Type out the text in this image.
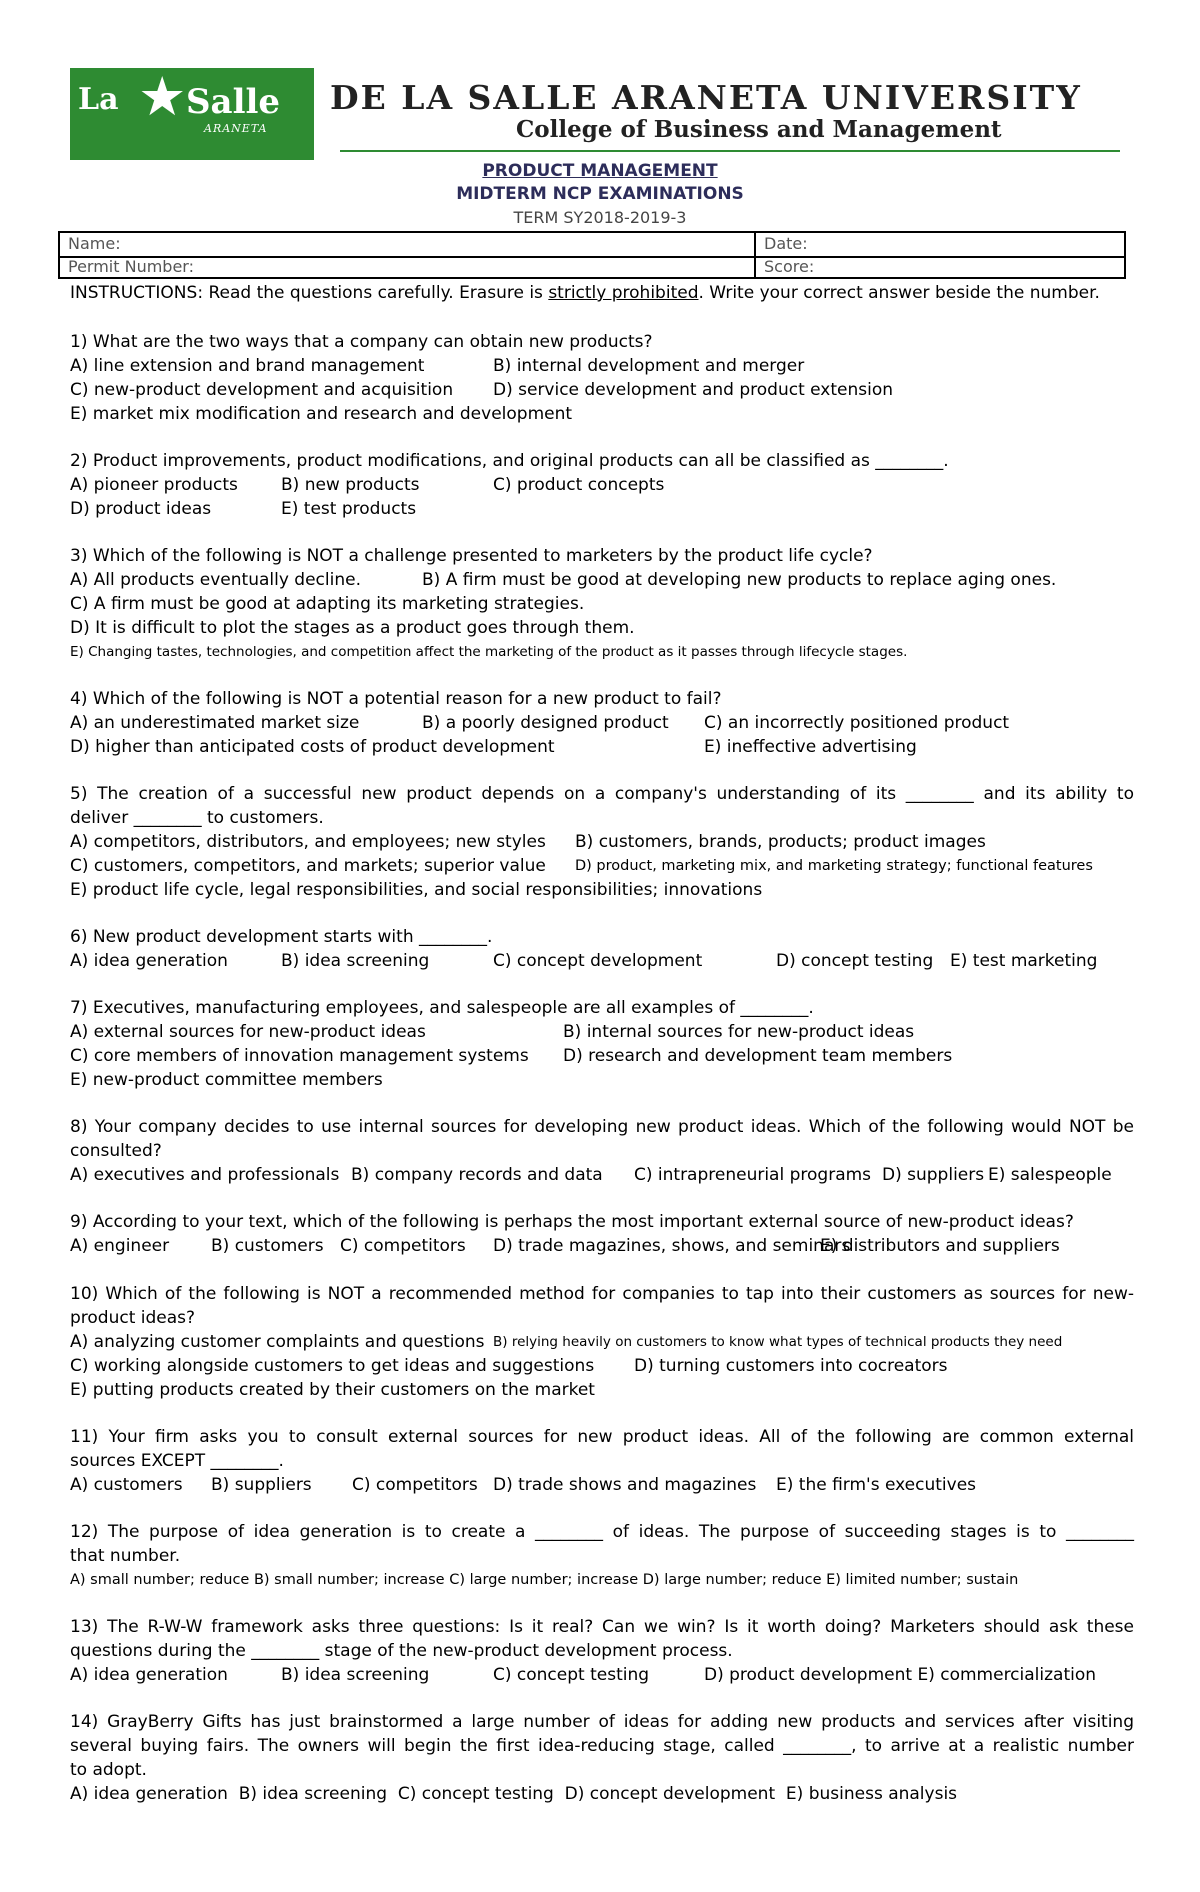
La ★ Salle
ARANETA
DE LA SALLE ARANETA UNIVERSITY
College of Business and Management
PRODUCT MANAGEMENT
MIDTERM NCP EXAMINATIONS
TERM SY2018-2019-3
Name:	Date:
Permit Number:	Score:
INSTRUCTIONS: Read the questions carefully. Erasure is strictly prohibited. Write your correct answer beside the number.
1) What are the two ways that a company can obtain new products?
A) line extension and brand management	B) internal development and merger
C) new-product development and acquisition D) service development and product extension
E) market mix modification and research and development
2) Product improvements, product modifications, and original products can all be classified as ________.
A) pioneer products	B) new products	C) product concepts
D) product ideas	E) test products
3) Which of the following is NOT a challenge presented to marketers by the product life cycle?
A) All products eventually decline.	B) A firm must be good at developing new products to replace aging ones.
C) A firm must be good at adapting its marketing strategies.
D) It is difficult to plot the stages as a product goes through them.
E) Changing tastes, technologies, and competition affect the marketing of the product as it passes through lifecycle stages.
4) Which of the following is NOT a potential reason for a new product to fail?
A) an underestimated market size	B) a poorly designed product C) an incorrectly positioned product
D) higher than anticipated costs of product development	E) ineffective advertising
5) The creation of a successful new product depends on a company's understanding of its ________ and its ability to
deliver ________ to customers.
A) competitors, distributors, and employees; new styles B) customers, brands, products; product images
C) customers, competitors, and markets; superior value D) product, marketing mix, and marketing strategy; functional features
E) product life cycle, legal responsibilities, and social responsibilities; innovations
6) New product development starts with ________.
A) idea generation	B) idea screening	C) concept development	D) concept testing E) test marketing
7) Executives, manufacturing employees, and salespeople are all examples of ________.
A) external sources for new-product ideas	B) internal sources for new-product ideas
C) core members of innovation management systems D) research and development team members
E) new-product committee members
8) Your company decides to use internal sources for developing new product ideas. Which of the following would NOT be
consulted?
A) executives and professionals B) company records and data C) intrapreneurial programs D) suppliers E) salespeople
9) According to your text, which of the following is perhaps the most important external source of new-product ideas?
A) engineer B) customers C) competitors D) trade magazines, shows, and seminars
E) distributors and suppliers
10) Which of the following is NOT a recommended method for companies to tap into their customers as sources for new-
product ideas?
A) analyzing customer complaints and questions B) relying heavily on customers to know what types of technical products they need
C) working alongside customers to get ideas and suggestions D) turning customers into cocreators
E) putting products created by their customers on the market
11) Your firm asks you to consult external sources for new product ideas. All of the following are common external
sources EXCEPT ________.
A) customers B) suppliers C) competitors D) trade shows and magazines E) the firm's executives
12) The purpose of idea generation is to create a ________ of ideas. The purpose of succeeding stages is to ________
that number.
A) small number; reduce B) small number; increase C) large number; increase D) large number; reduce E) limited number; sustain
13) The R-W-W framework asks three questions: Is it real? Can we win? Is it worth doing? Marketers should ask these
questions during the ________ stage of the new-product development process.
A) idea generation	B) idea screening	C) concept testing	D) product development E) commercialization
14) GrayBerry Gifts has just brainstormed a large number of ideas for adding new products and services after visiting
several buying fairs. The owners will begin the first idea-reducing stage, called ________, to arrive at a realistic number
to adopt.
A) idea generation  B) idea screening  C) concept testing  D) concept development  E) business analysis
